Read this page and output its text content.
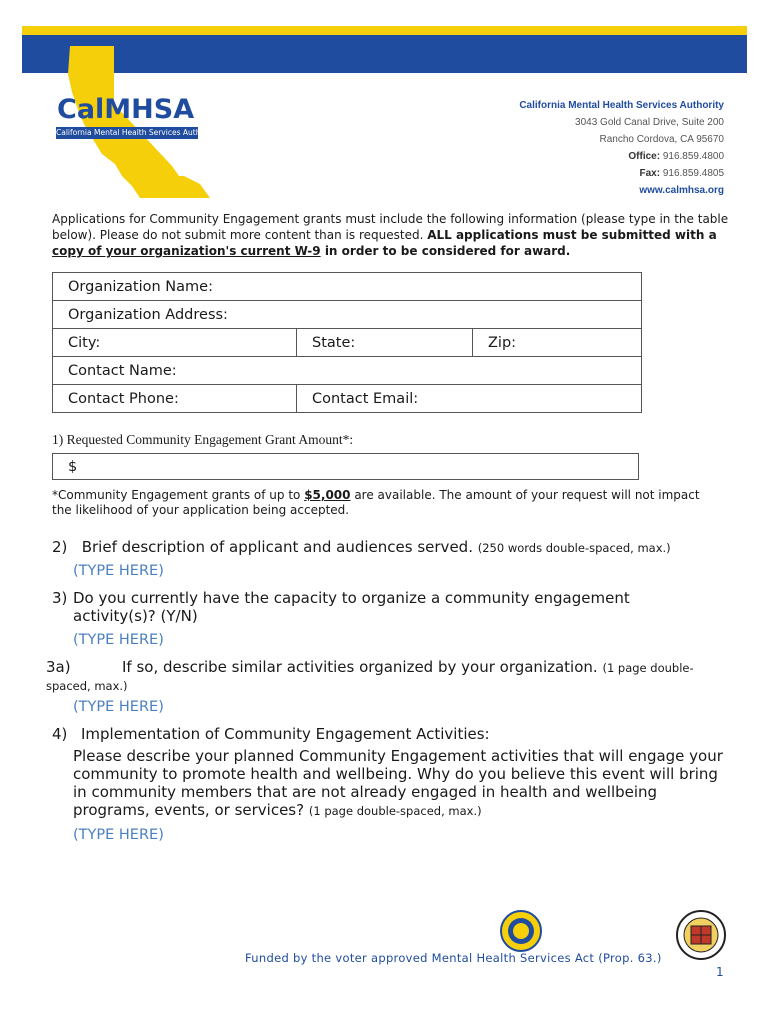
CalMHSA
California Mental Health Services Authority
California Mental Health Services Authority
3043 Gold Canal Drive, Suite 200
Rancho Cordova, CA 95670
Office: 916.859.4800
Fax: 916.859.4805
www.calmhsa.org
Applications for Community Engagement grants must include the following information (please type in the table below). Please do not submit more content than is requested. ALL applications must be submitted with a copy of your organization's current W-9 in order to be considered for award.
Organization Name:		
Organization Address:		
City:	State:	Zip:
Contact Name:		
Contact Phone:	Contact Email:	
1) Requested Community Engagement Grant Amount*:
$
*Community Engagement grants of up to $5,000 are available. The amount of your request will not impact the likelihood of your application being accepted.
2) Brief description of applicant and audiences served. (250 words double-spaced, max.)
(TYPE HERE)
3) Do you currently have the capacity to organize a community engagement activity(s)? (Y/N)
(TYPE HERE)
3a)	If so, describe similar activities organized by your organization. (1 page double-
spaced, max.)
(TYPE HERE)
4) Implementation of Community Engagement Activities:
Please describe your planned Community Engagement activities that will engage your community to promote health and wellbeing. Why do you believe this event will bring in community members that are not already engaged in health and wellbeing programs, events, or services? (1 page double-spaced, max.)
(TYPE HERE)
Funded by the voter approved Mental Health Services Act (Prop. 63.)
1
